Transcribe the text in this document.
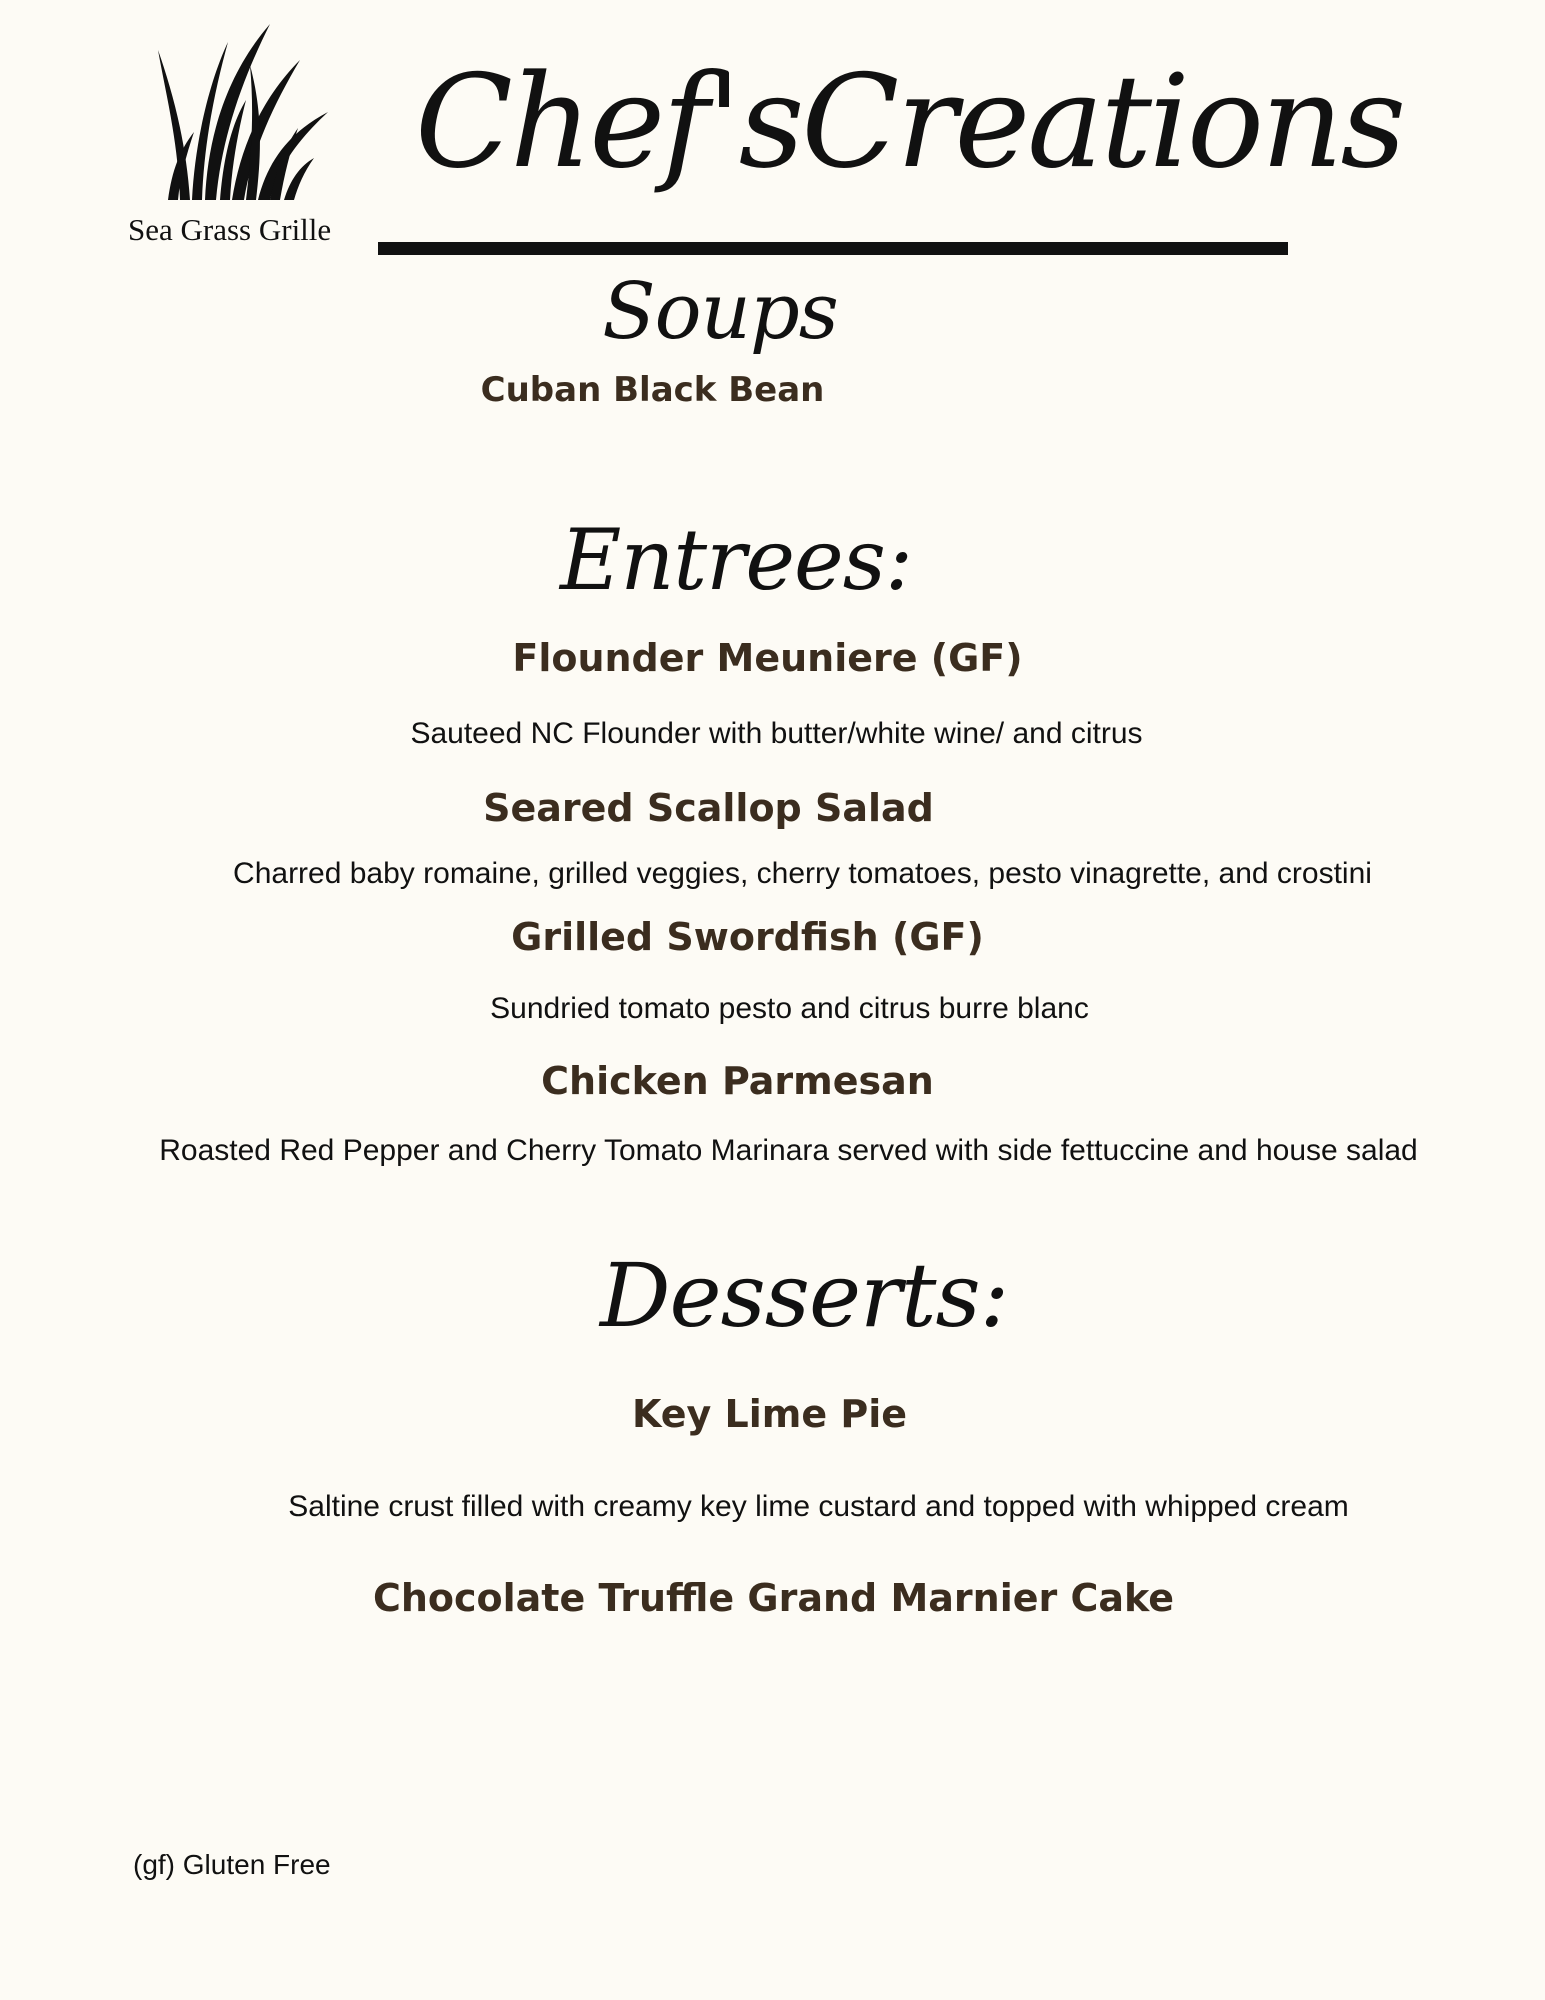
Sea Grass Grille
Chef'sCreations
Soups
Cuban Black Bean
Entrees:
Flounder Meuniere (GF)
Sauteed NC Flounder with butter/white wine/ and citrus
Seared Scallop Salad
Charred baby romaine, grilled veggies, cherry tomatoes, pesto vinagrette, and crostini
Grilled Swordfish (GF)
Sundried tomato pesto and citrus burre blanc
Chicken Parmesan
Roasted Red Pepper and Cherry Tomato Marinara served with side fettuccine and house salad
Desserts:
Key Lime Pie
Saltine crust filled with creamy key lime custard and topped with whipped cream
Chocolate Truffle Grand Marnier Cake
(gf) Gluten Free
